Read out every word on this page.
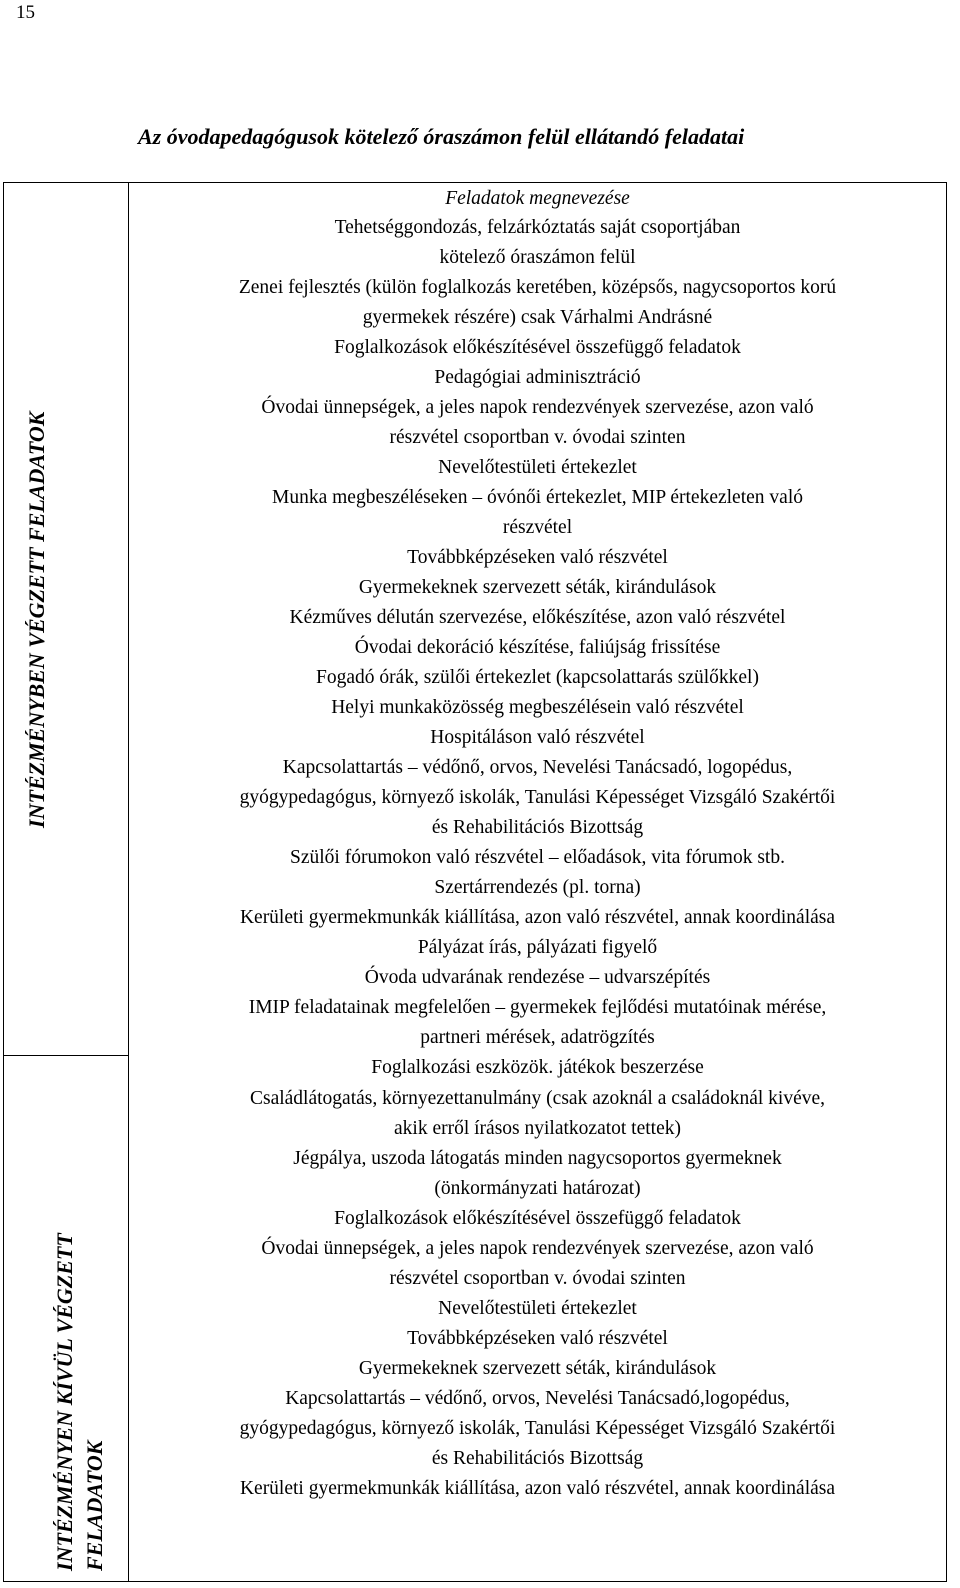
15
Az óvodapedagógusok kötelező óraszámon felül ellátandó feladatai
INTÉZMÉNYBEN VÉGZETT FELADATOK
INTÉZMÉNYEN KÍVÜL VÉGZETT FELADATOK
Feladatok megnevezése
Tehetséggondozás, felzárkóztatás saját csoportjában
kötelező óraszámon felül
Zenei fejlesztés (külön foglalkozás keretében, középsős, nagycsoportos korú
gyermekek részére) csak Várhalmi Andrásné
Foglalkozások előkészítésével összefüggő feladatok
Pedagógiai adminisztráció
Óvodai ünnepségek, a jeles napok rendezvények szervezése, azon való
részvétel csoportban v. óvodai szinten
Nevelőtestületi értekezlet
Munka megbeszéléseken – óvónői értekezlet, MIP értekezleten való
részvétel
Továbbképzéseken való részvétel
Gyermekeknek szervezett séták, kirándulások
Kézműves délután szervezése, előkészítése, azon való részvétel
Óvodai dekoráció készítése, faliújság frissítése
Fogadó órák, szülői értekezlet (kapcsolattarás szülőkkel)
Helyi munkaközösség megbeszélésein való részvétel
Hospitáláson való részvétel
Kapcsolattartás – védőnő, orvos, Nevelési Tanácsadó, logopédus,
gyógypedagógus, környező iskolák, Tanulási Képességet Vizsgáló Szakértői
és Rehabilitációs Bizottság
Szülői fórumokon való részvétel – előadások, vita fórumok stb.
Szertárrendezés (pl. torna)
Kerületi gyermekmunkák kiállítása, azon való részvétel, annak koordinálása
Pályázat írás, pályázati figyelő
Óvoda udvarának rendezése – udvarszépítés
IMIP feladatainak megfelelően – gyermekek fejlődési mutatóinak mérése,
partneri mérések, adatrögzítés
Foglalkozási eszközök. játékok beszerzése
Családlátogatás, környezettanulmány (csak azoknál a családoknál kivéve,
akik erről írásos nyilatkozatot tettek)
Jégpálya, uszoda látogatás minden nagycsoportos gyermeknek
(önkormányzati határozat)
Foglalkozások előkészítésével összefüggő feladatok
Óvodai ünnepségek, a jeles napok rendezvények szervezése, azon való
részvétel csoportban v. óvodai szinten
Nevelőtestületi értekezlet
Továbbképzéseken való részvétel
Gyermekeknek szervezett séták, kirándulások
Kapcsolattartás – védőnő, orvos, Nevelési Tanácsadó,logopédus,
gyógypedagógus, környező iskolák, Tanulási Képességet Vizsgáló Szakértői
és Rehabilitációs Bizottság
Kerületi gyermekmunkák kiállítása, azon való részvétel, annak koordinálása
